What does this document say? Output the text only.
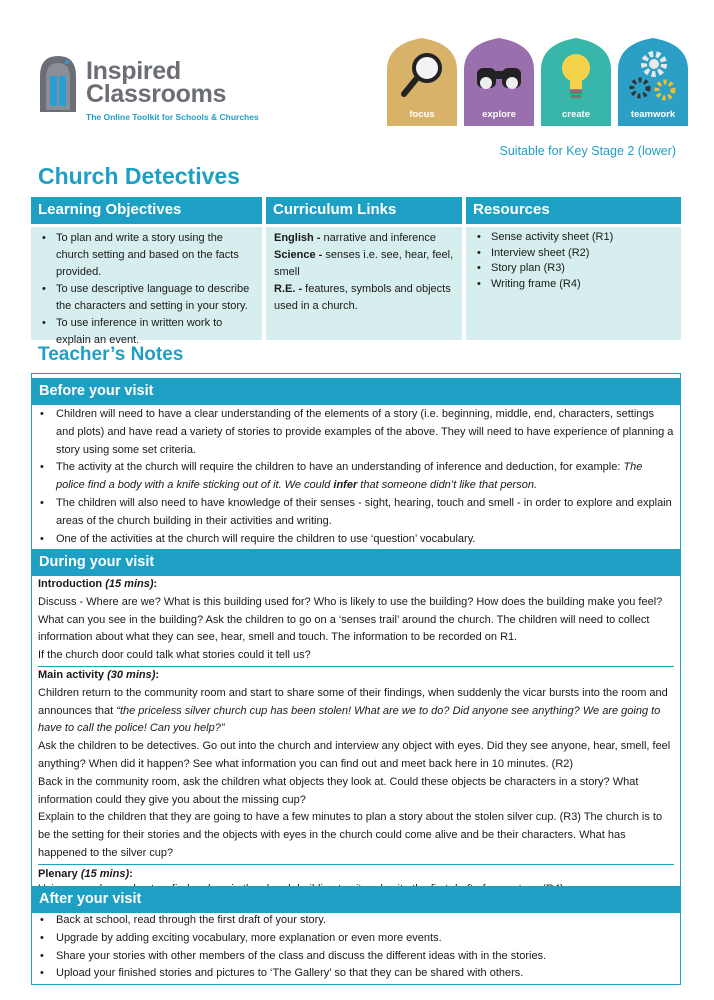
Inspired
Classrooms
The Online Toolkit for Schools & Churches	focus	explore	create	teamwork
Suitable for Key Stage 2 (lower)
Church Detectives
Learning Objectives
• To plan and write a story using the church setting and based on the facts provided.
• To use descriptive language to describe the characters and setting in your story.
• To use inference in written work to explain an event.
Curriculum Links
English - narrative and inference
Science - senses i.e. see, hear, feel, smell
R.E. - features, symbols and objects used in a church.
Resources
• Sense activity sheet (R1)
• Interview sheet (R2)
• Story plan (R3)
• Writing frame (R4)
Teacher’s Notes
Before your visit
• Children will need to have a clear understanding of the elements of a story (i.e. beginning, middle, end, characters, settings and plots) and have read a variety of stories to provide examples of the above. They will need to have experience of planning a story using some set criteria.
• The activity at the church will require the children to have an understanding of inference and deduction, for example: The police find a body with a knife sticking out of it. We could infer that someone didn’t like that person.
• The children will also need to have knowledge of their senses - sight, hearing, touch and smell - in order to explore and explain areas of the church building in their activities and writing.
• One of the activities at the church will require the children to use ‘question’ vocabulary.
During your visit
Introduction (15 mins):
Discuss - Where are we? What is this building used for? Who is likely to use the building? How does the building make you feel? What can you see in the building? Ask the children to go on a ‘senses trail’ around the church. The children will need to collect information about what they can see, hear, smell and touch. The information to be recorded on R1.
If the church door could talk what stories could it tell us?
Main activity (30 mins):
Children return to the community room and start to share some of their findings, when suddenly the vicar bursts into the room and announces that “the priceless silver church cup has been stolen! What are we to do? Did anyone see anything? We are going to have to call the police! Can you help?”
Ask the children to be detectives. Go out into the church and interview any object with eyes. Did they see anyone, hear, smell, feel anything? When did it happen? See what information you can find out and meet back here in 10 minutes. (R2)
Back in the community room, ask the children what objects they look at. Could these objects be characters in a story? What information could they give you about the missing cup?
Explain to the children that they are going to have a few minutes to plan a story about the stolen silver cup. (R3) The church is to be the setting for their stories and the objects with eyes in the church could come alive and be their characters. What has happened to the silver cup?
Plenary (15 mins):
After your visit
• Back at school, read through the first draft of your story.
• Upgrade by adding exciting vocabulary, more explanation or even more events.
• Share your stories with other members of the class and discuss the different ideas with in the stories.
• Upload your finished stories and pictures to ‘The Gallery’ so that they can be shared with others.
